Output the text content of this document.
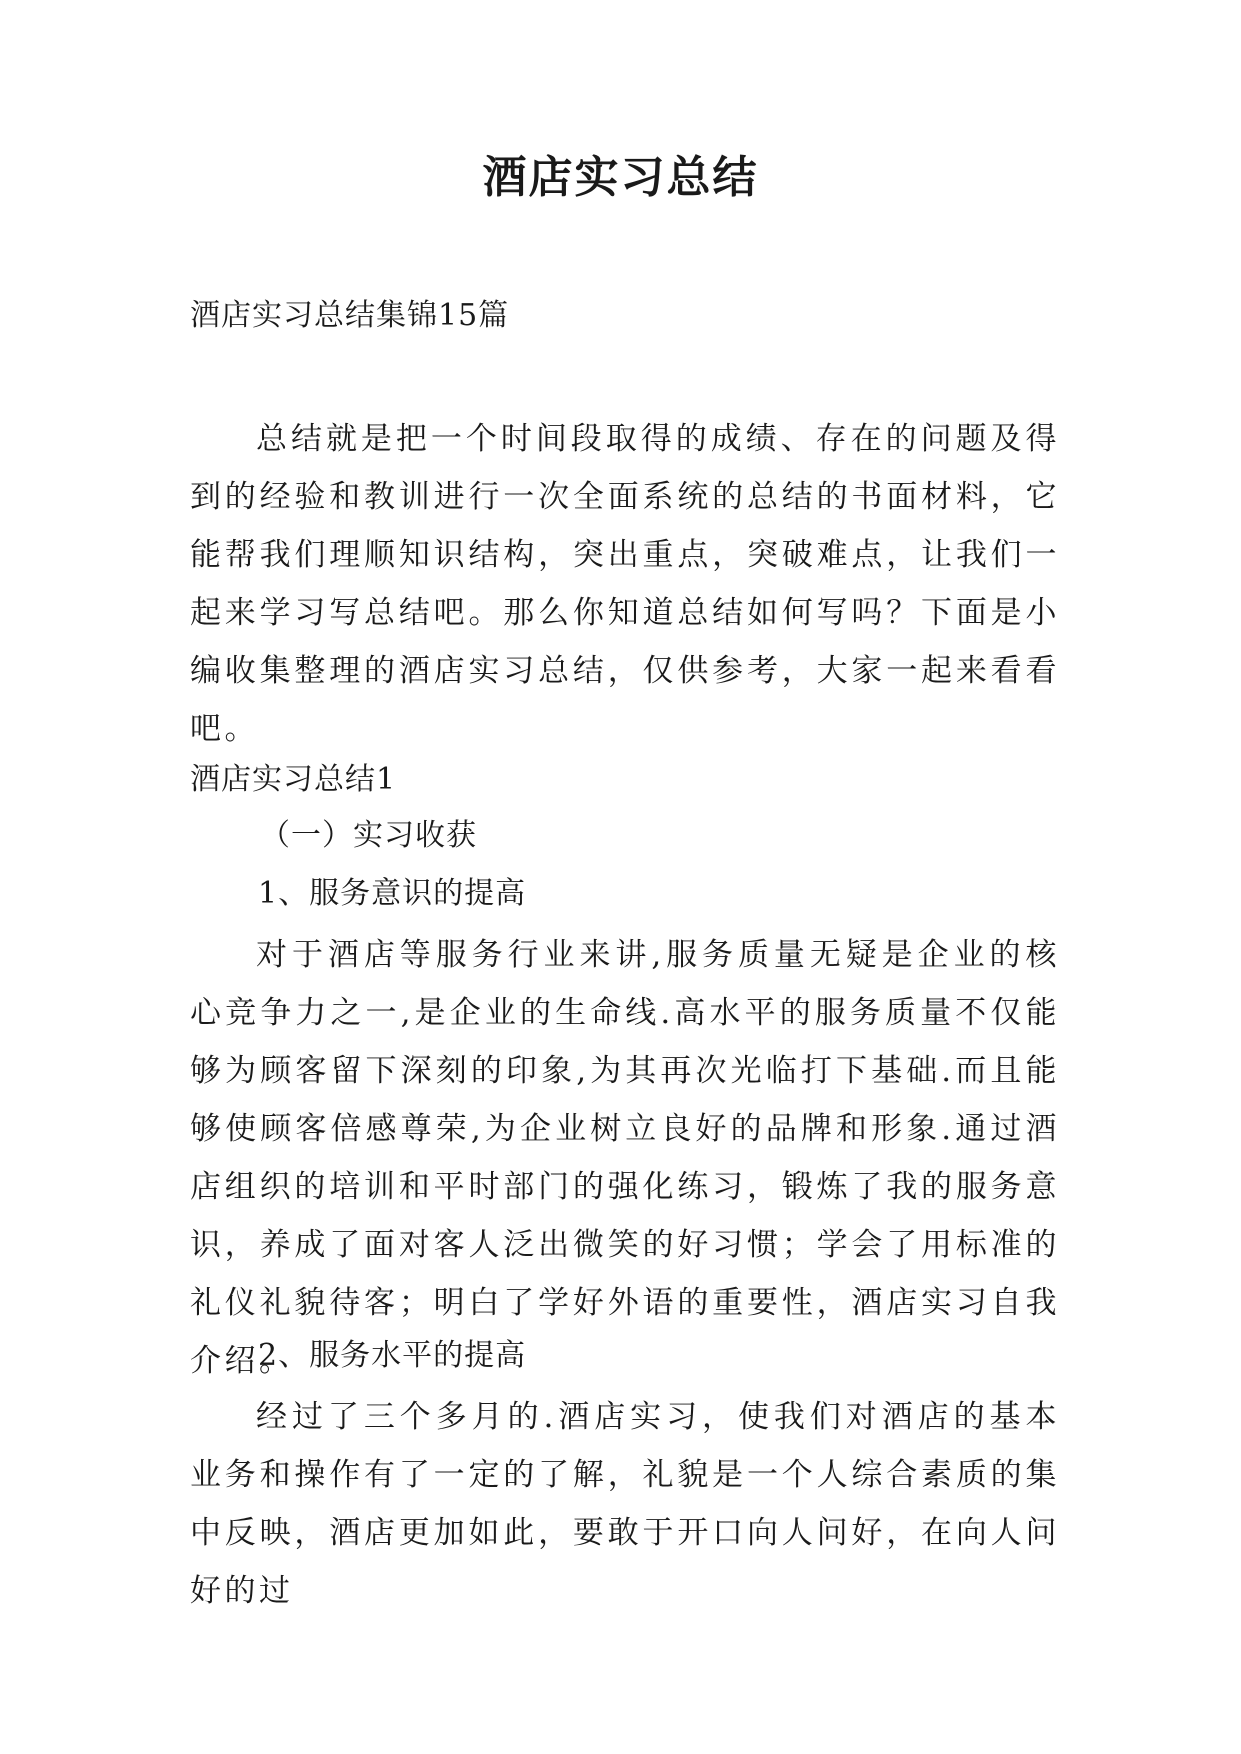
酒店实习总结
酒店实习总结集锦15篇

总结就是把一个时间段取得的成绩、存在的问题及得到的经验和教训进行一次全面系统的总结的书面材料，它能帮我们理顺知识结构，突出重点，突破难点，让我们一起来学习写总结吧。那么你知道总结如何写吗？下面是小编收集整理的酒店实习总结，仅供参考，大家一起来看看吧。

酒店实习总结1
（一）实习收获
1、服务意识的提高

对于酒店等服务行业来讲,服务质量无疑是企业的核心竞争力之一,是企业的生命线.高水平的服务质量不仅能够为顾客留下深刻的印象,为其再次光临打下基础.而且能够使顾客倍感尊荣,为企业树立良好的品牌和形象.通过酒店组织的培训和平时部门的强化练习，锻炼了我的服务意识，养成了面对客人泛出微笑的好习惯；学会了用标准的礼仪礼貌待客；明白了学好外语的重要性，酒店实习自我介绍。

2、服务水平的提高

经过了三个多月的.酒店实习，使我们对酒店的基本业务和操作有了一定的了解，礼貌是一个人综合素质的集中反映，酒店更加如此，要敢于开口向人问好，在向人问好的过
